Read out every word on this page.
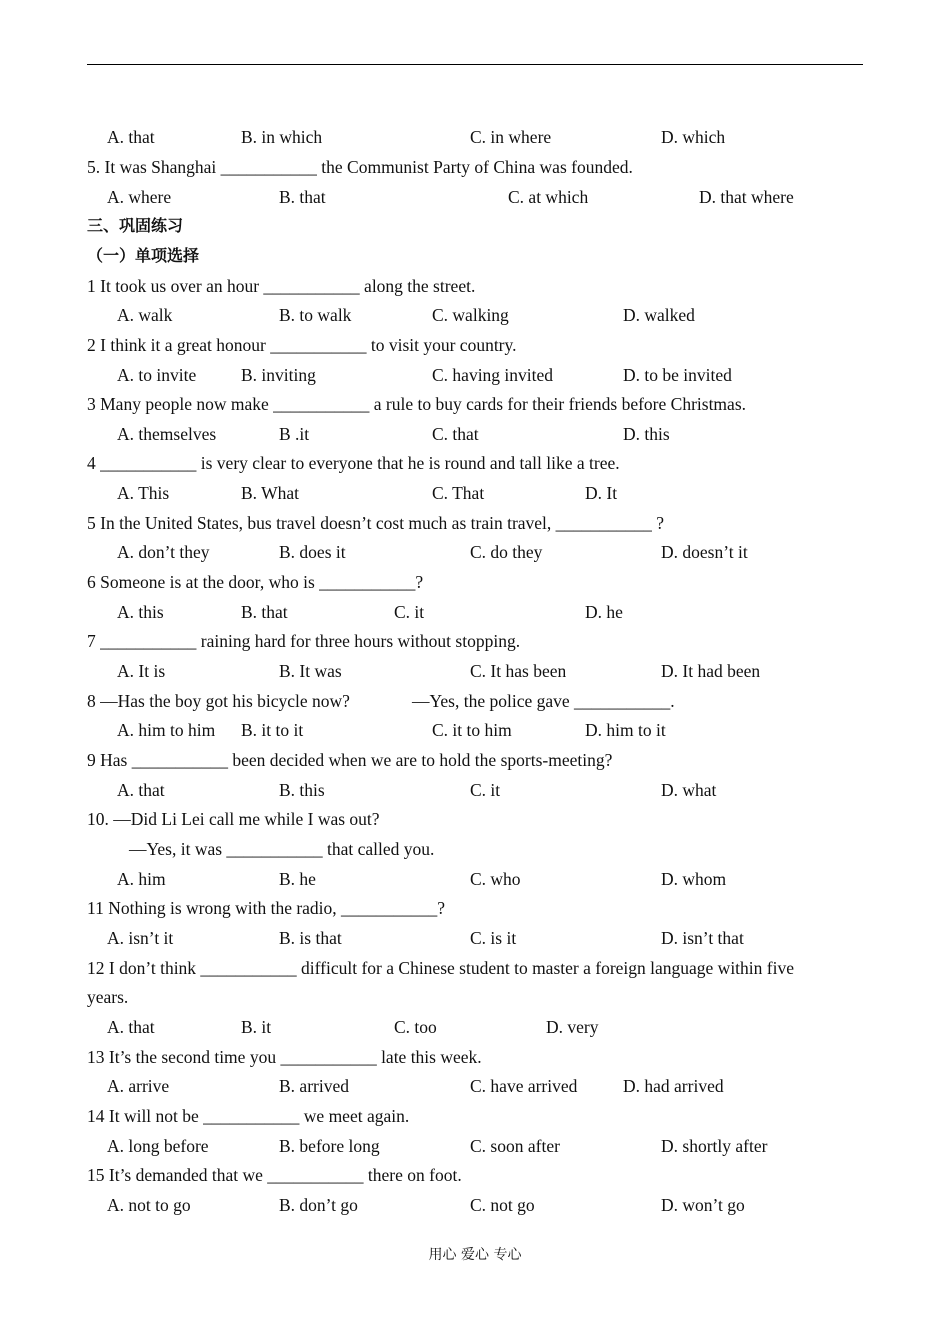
A. that	B. in which	C. in where	D. which
5. It was Shanghai ___________ the Communist Party of China was founded.
A. where	B. that	C. at which	D. that where
三、巩固练习
（一）单项选择
1 It took us over an hour ___________ along the street.
A. walk	B. to walk	C. walking	D. walked
2 I think it a great honour ___________ to visit your country.
A. to invite	B. inviting	C. having invited	D. to be invited
3 Many people now make ___________ a rule to buy cards for their friends before Christmas.
A. themselves	B .it	C. that	D. this
4 ___________ is very clear to everyone that he is round and tall like a tree.
A. This	B. What	C. That	D. It
5 In the United States, bus travel doesn’t cost much as train travel, ___________ ?
A. don’t they	B. does it	C. do they	D. doesn’t it
6 Someone is at the door, who is ___________?
A. this	B. that	C. it	D. he
7 ___________ raining hard for three hours without stopping.
A. It is	B. It was	C. It has been	D. It had been
8 —Has the boy got his bicycle now?	—Yes, the police gave ___________.
A. him to him B. it to it	C. it to him	D. him to it
9 Has ___________ been decided when we are to hold the sports-meeting?
A. that	B. this	C. it	D. what
10. —Did Li Lei call me while I was out?
—Yes, it was ___________ that called you.
A. him	B. he	C. who	D. whom
11 Nothing is wrong with the radio, ___________?
A. isn’t it	B. is that	C. is it	D. isn’t that
12 I don’t think ___________ difficult for a Chinese student to master a foreign language within five
years.
A. that	B. it	C. too	D. very
13 It’s the second time you ___________ late this week.
A. arrive	B. arrived	C. have arrived	D. had arrived
14 It will not be ___________ we meet again.
A. long before	B. before long	C. soon after	D. shortly after
15 It’s demanded that we ___________ there on foot.
A. not to go	B. don’t go	C. not go	D. won’t go
用心 爱心 专心
